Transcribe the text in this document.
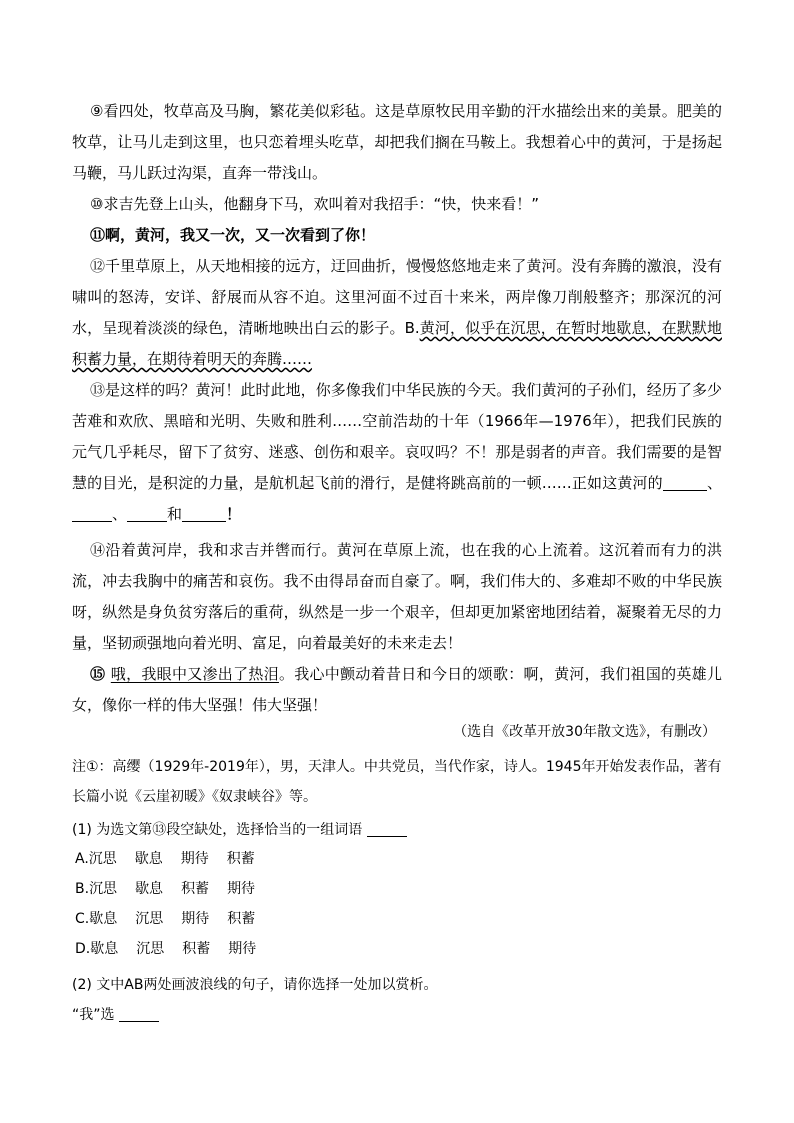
⑨看四处，牧草高及马胸，繁花美似彩毡。这是草原牧民用辛勤的汗水描绘出来的美景。肥美的牧草，让马儿走到这里，也只恋着埋头吃草，却把我们搁在马鞍上。我想着心中的黄河，于是扬起马鞭，马儿跃过沟渠，直奔一带浅山。

⑩求吉先登上山头，他翻身下马，欢叫着对我招手：“快，快来看！”

⑪啊，黄河，我又一次，又一次看到了你！

⑫千里草原上，从天地相接的远方，迂回曲折，慢慢悠悠地走来了黄河。没有奔腾的激浪，没有啸叫的怒涛，安详、舒展而从容不迫。这里河面不过百十来米，两岸像刀削般整齐；那深沉的河水，呈现着淡淡的绿色，清晰地映出白云的影子。B.黄河，似乎在沉思，在暂时地歇息，在默默地积蓄力量，在期待着明天的奔腾……

⑬是这样的吗？黄河！此时此地，你多像我们中华民族的今天。我们黄河的子孙们，经历了多少苦难和欢欣、黑暗和光明、失败和胜利……空前浩劫的十年（1966年—1976年），把我们民族的元气几乎耗尽，留下了贫穷、迷惑、创伤和艰辛。哀叹吗？不！那是弱者的声音。我们需要的是智慧的目光，是积淀的力量，是航机起飞前的滑行，是健将跳高前的一顿……正如这黄河的	、、	和	！

⑭沿着黄河岸，我和求吉并辔而行。黄河在草原上流，也在我的心上流着。这沉着而有力的洪流，冲去我胸中的痛苦和哀伤。我不由得昂奋而自豪了。啊，我们伟大的、多难却不败的中华民族呀，纵然是身负贫穷落后的重荷，纵然是一步一个艰辛，但却更加紧密地团结着，凝聚着无尽的力量，坚韧顽强地向着光明、富足，向着最美好的未来走去！

⑮ 哦，我眼中又渗出了热泪。我心中颤动着昔日和今日的颂歌：啊，黄河，我们祖国的英雄儿女，像你一样的伟大坚强！伟大坚强！

（选自《改革开放30年散文选》，有删改）

注①：高缨（1929年-2019年），男，天津人。中共党员，当代作家，诗人。1945年开始发表作品，著有长篇小说《云崖初暖》《奴隶峡谷》等。

(1) 为选文第⑬段空缺处，选择恰当的一组词语
A.沉思 歇息 期待 积蓄
B.沉思 歇息 积蓄 期待
C.歇息 沉思 期待 积蓄
D.歇息 沉思 积蓄 期待
(2) 文中AB两处画波浪线的句子，请你选择一处加以赏析。
“我”选
